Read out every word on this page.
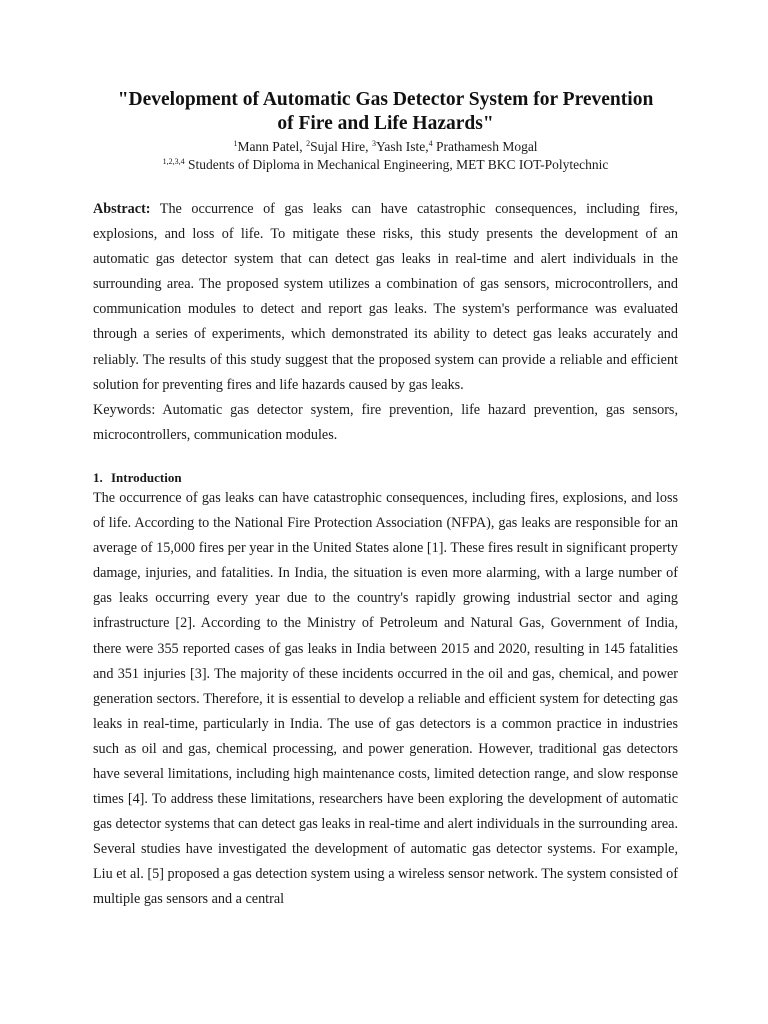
"Development of Automatic Gas Detector System for Prevention
of Fire and Life Hazards"

$^1$Mann Patel, $^2$Sujal Hire, $^3$Yash Iste,$^4$ Prathamesh Mogal

$^{1,2,3,4}$ Students of Diploma in Mechanical Engineering, MET BKC IOT-Polytechnic

Abstract: The occurrence of gas leaks can have catastrophic consequences, including fires, explosions, and loss of life. To mitigate these risks, this study presents the development of an automatic gas detector system that can detect gas leaks in real-time and alert individuals in the surrounding area. The proposed system utilizes a combination of gas sensors, microcontrollers, and communication modules to detect and report gas leaks. The system's performance was evaluated through a series of experiments, which demonstrated its ability to detect gas leaks accurately and reliably. The results of this study suggest that the proposed system can provide a reliable and efficient solution for preventing fires and life hazards caused by gas leaks.

Keywords: Automatic gas detector system, fire prevention, life hazard prevention, gas sensors, microcontrollers, communication modules.

1. Introduction

The occurrence of gas leaks can have catastrophic consequences, including fires, explosions, and loss of life. According to the National Fire Protection Association (NFPA), gas leaks are responsible for an average of 15,000 fires per year in the United States alone [1]. These fires result in significant property damage, injuries, and fatalities. In India, the situation is even more alarming, with a large number of gas leaks occurring every year due to the country's rapidly growing industrial sector and aging infrastructure [2]. According to the Ministry of Petroleum and Natural Gas, Government of India, there were 355 reported cases of gas leaks in India between 2015 and 2020, resulting in 145 fatalities and 351 injuries [3]. The majority of these incidents occurred in the oil and gas, chemical, and power generation sectors. Therefore, it is essential to develop a reliable and efficient system for detecting gas leaks in real-time, particularly in India. The use of gas detectors is a common practice in industries such as oil and gas, chemical processing, and power generation. However, traditional gas detectors have several limitations, including high maintenance costs, limited detection range, and slow response times [4]. To address these limitations, researchers have been exploring the development of automatic gas detector systems that can detect gas leaks in real-time and alert individuals in the surrounding area. Several studies have investigated the development of automatic gas detector systems. For example, Liu et al. [5] proposed a gas detection system using a wireless sensor network. The system consisted of multiple gas sensors and a central
